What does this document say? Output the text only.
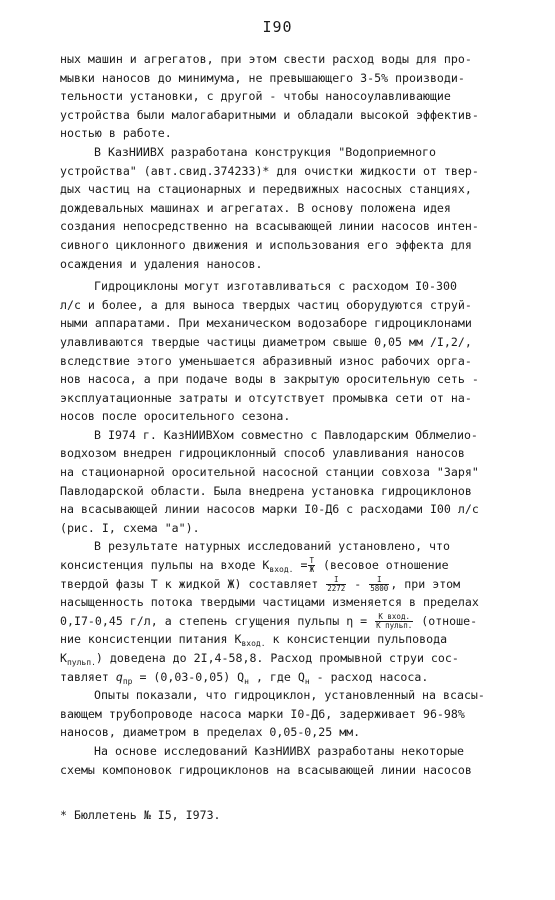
I90
ных машин и агрегатов, при этом свести расход воды для про-
мывки наносов до минимума, не превышающего 3-5% производи-
тельности установки, с другой - чтобы наносоулавливающие
устройства были малогабаритными и обладали высокой эффектив-
ностью в работе.
В КазНИИВХ разработана конструкция "Водоприемного
устройства" (авт.свид.374233)* для очистки жидкости от твер-
дых частиц на стационарных и передвижных насосных станциях,
дождевальных машинах и агрегатах. В основу положена идея
создания непосредственно на всасывающей линии насосов интен-
сивного циклонного движения и использования его эффекта для
осаждения и удаления наносов.
Гидроциклоны могут изготавливаться с расходом I0-300
л/с и более, а для выноса твердых частиц оборудуются струй-
ными аппаратами. При механическом водозаборе гидроциклонами
улавливаются твердые частицы диаметром свыше 0,05 мм /I,2/,
вследствие этого уменьшается абразивный износ рабочих орга-
нов насоса, а при подаче воды в закрытую оросительную сеть -
эксплуатационные затраты и отсутствует промывка сети от на-
носов после оросительного сезона.
В I974 г. КазНИИВХом совместно с Павлодарским Облмелио-
водхозом внедрен гидроциклонный способ улавливания наносов
на стационарной оросительной насосной станции совхоза "Заря"
Павлодарской области. Была внедрена установка гидроциклонов
на всасывающей линии насосов марки I0-Д6 с расходами I00 л/с
(рис. I, схема "а").
В результате натурных исследований установлено, что
консистенция пульпы на входе $К_{вход.} = \frac{Т}{Ж}$ (весовое отношение
твердой фазы Т к жидкой Ж) составляет $\frac{I}{2272} - \frac{I}{5800}$ , при этом
насыщенность потока твердыми частицами изменяется в пределах
0,I7-0,45 г/л, а степень сгущения пульпы $\eta = \frac{\text{К вход.}}{\text{К пульп.}}$ (отноше-
ние консистенции питания $К_{вход.}$ к консистенции пульповода
$К_{пульп.}$) доведена до 2I,4-58,8. Расход промывной струи сос-
тавляет $q_{пр} = (0,03-0,05)$ $Q_н$ , где $Q_н$ - расход насоса.
Опыты показали, что гидроциклон, установленный на всасы-
вающем трубопроводе насоса марки I0-Д6, задерживает 96-98%
наносов, диаметром в пределах 0,05-0,25 мм.
На основе исследований КазНИИВХ разработаны некоторые
схемы компоновок гидроциклонов на всасывающей линии насосов
* Бюллетень № I5, I973.
